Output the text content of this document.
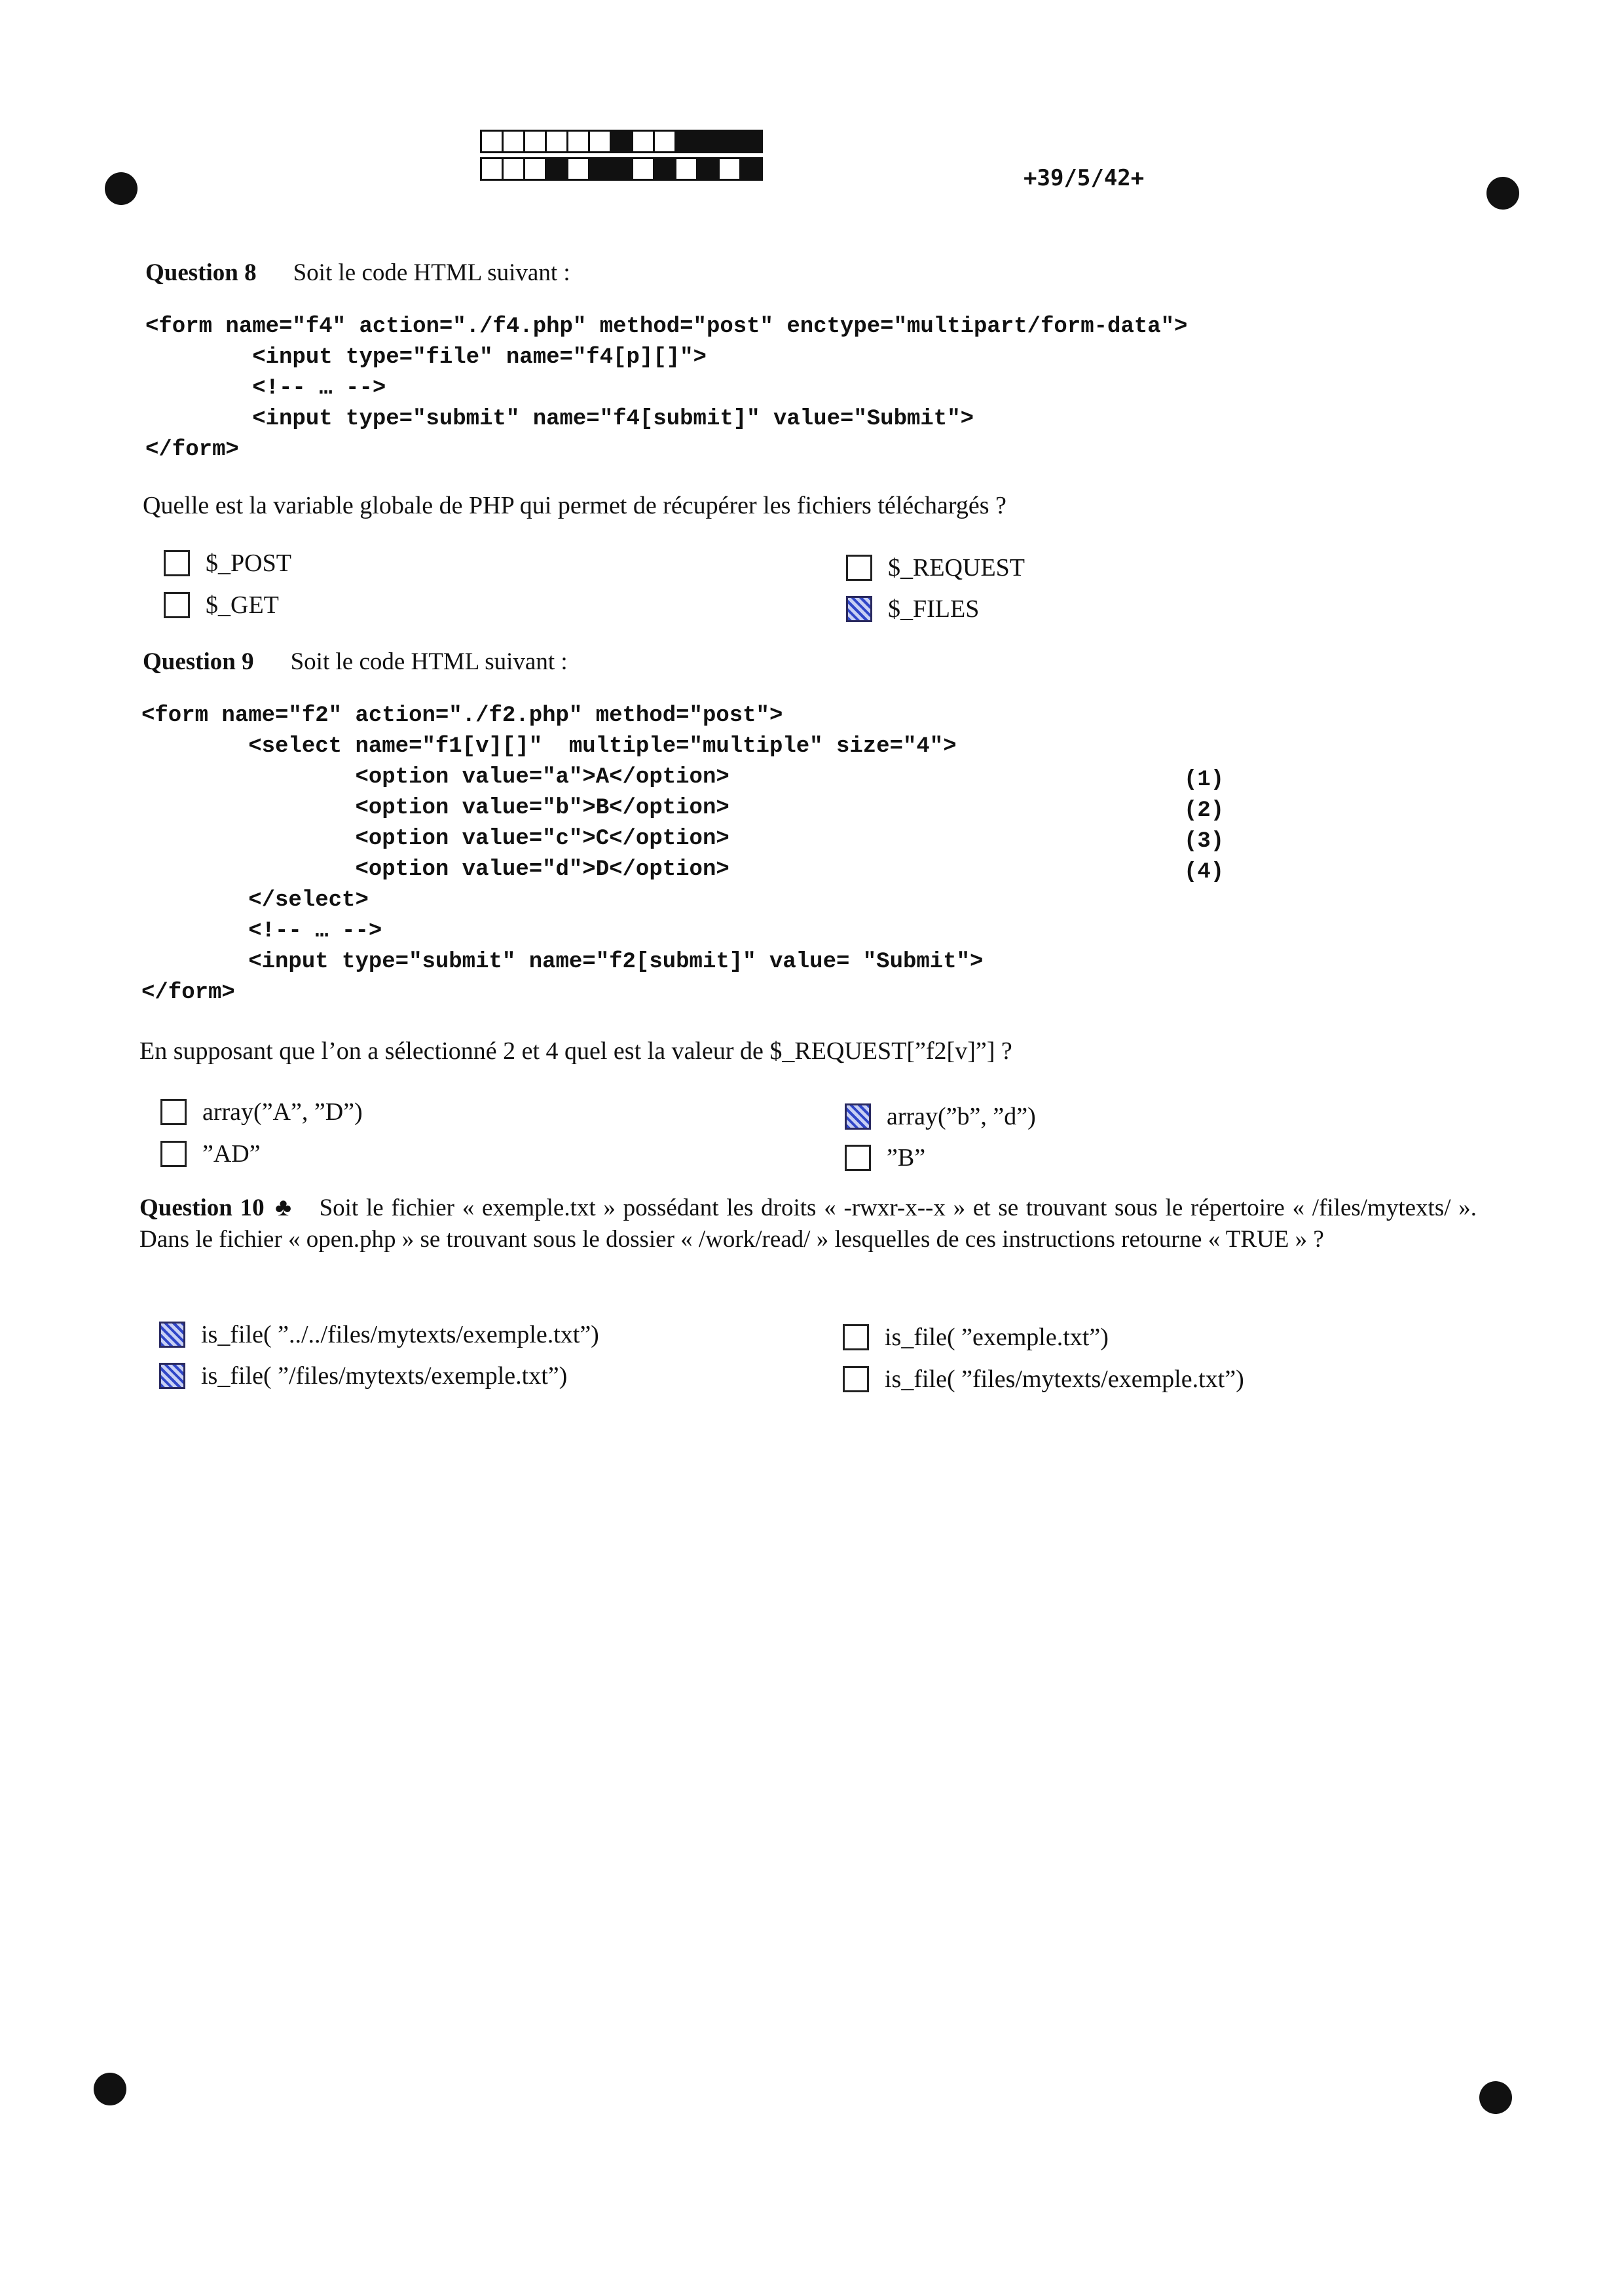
+39/5/42+
Question 8 Soit le code HTML suivant :
<form name="f4" action="./f4.php" method="post" enctype="multipart/form-data">
<input type="file" name="f4[p][]">
<!-- … -->
<input type="submit" name="f4[submit]" value="Submit">
</form>
Quelle est la variable globale de PHP qui permet de récupérer les fichiers téléchargés ?
$_POST
$_GET
$_REQUEST
$_FILES
Question 9 Soit le code HTML suivant :
<form name="f2" action="./f2.php" method="post">
<select name="f1[v][]"  multiple="multiple" size="4">
<option value="a">A</option>
<option value="b">B</option>
<option value="c">C</option>
<option value="d">D</option>
</select>
<!-- … -->
<input type="submit" name="f2[submit]" value= "Submit">
</form>
(1)
(2)
(3)
(4)
En supposant que l’on a sélectionné 2 et 4 quel est la valeur de $_REQUEST[”f2[v]”] ?
array(”A”, ”D”)
”AD”
array(”b”, ”d”)
”B”
Question 10 ♣ Soit le fichier « exemple.txt » possédant les droits « -rwxr-x--x » et se trouvant sous le répertoire « /files/mytexts/ ». Dans le fichier « open.php » se trouvant sous le dossier « /work/read/ » lesquelles de ces instructions retourne « TRUE » ?
is_file( ”../../files/mytexts/exemple.txt”)
is_file( ”/files/mytexts/exemple.txt”)
is_file( ”exemple.txt”)
is_file( ”files/mytexts/exemple.txt”)
